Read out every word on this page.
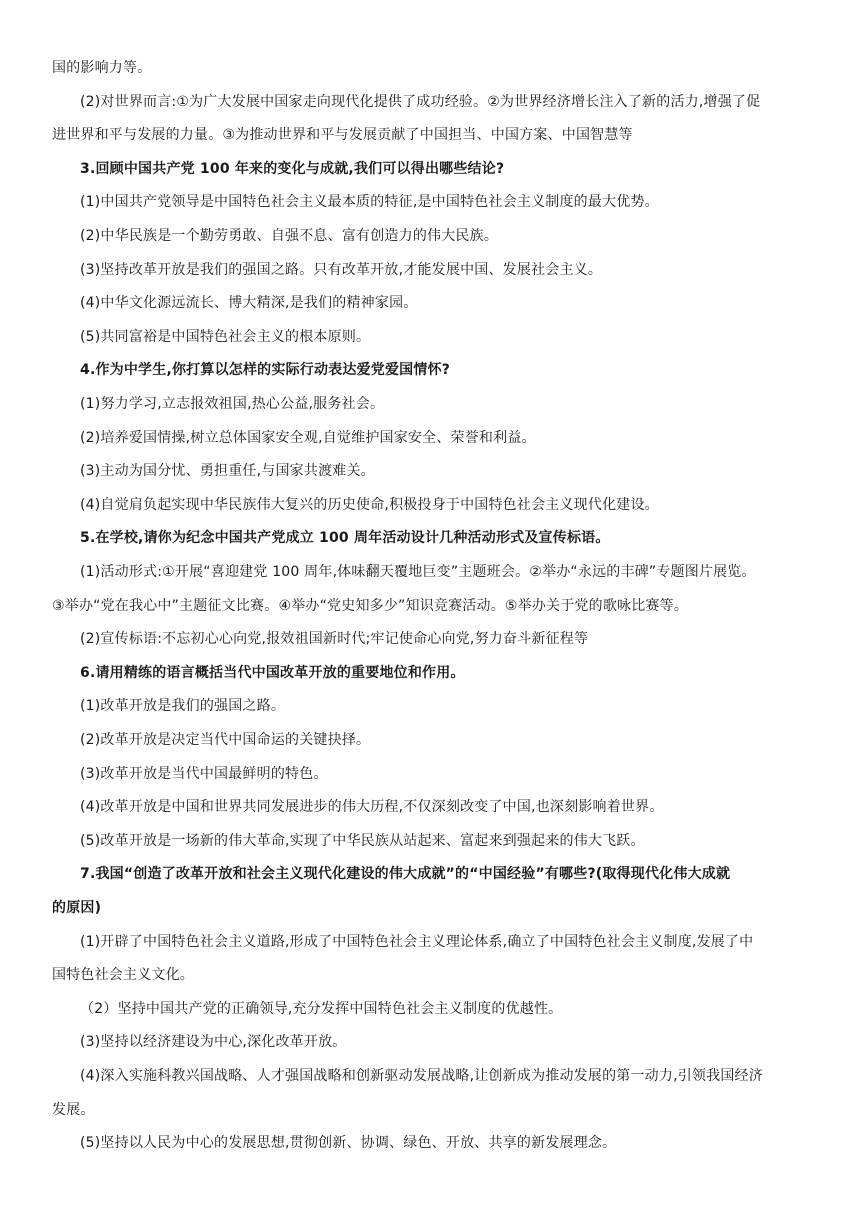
国的影响力等。
(2)对世界而言:①为广大发展中国家走向现代化提供了成功经验。②为世界经济增长注入了新的活力,增强了促
进世界和平与发展的力量。③为推动世界和平与发展贡献了中国担当、中国方案、中国智慧等
3.回顾中国共产党 100 年来的变化与成就,我们可以得出哪些结论?
(1)中国共产党领导是中国特色社会主义最本质的特征,是中国特色社会主义制度的最大优势。
(2)中华民族是一个勤劳勇敢、自强不息、富有创造力的伟大民族。
(3)坚持改革开放是我们的强国之路。只有改革开放,才能发展中国、发展社会主义。
(4)中华文化源远流长、博大精深,是我们的精神家园。
(5)共同富裕是中国特色社会主义的根本原则。
4.作为中学生,你打算以怎样的实际行动表达爱党爱国情怀?
(1)努力学习,立志报效祖国,热心公益,服务社会。
(2)培养爱国情操,树立总体国家安全观,自觉维护国家安全、荣誉和利益。
(3)主动为国分忧、勇担重任,与国家共渡难关。
(4)自觉肩负起实现中华民族伟大复兴的历史使命,积极投身于中国特色社会主义现代化建设。
5.在学校,请你为纪念中国共产党成立 100 周年活动设计几种活动形式及宣传标语。
(1)活动形式:①开展“喜迎建党 100 周年,体味翻天覆地巨变”主题班会。②举办“永远的丰碑”专题图片展览。
③举办“党在我心中”主题征文比赛。④举办“党史知多少”知识竞赛活动。⑤举办关于党的歌咏比赛等。
(2)宣传标语:不忘初心心向党,报效祖国新时代;牢记使命心向党,努力奋斗新征程等
6.请用精练的语言概括当代中国改革开放的重要地位和作用。
(1)改革开放是我们的强国之路。
(2)改革开放是决定当代中国命运的关键抉择。
(3)改革开放是当代中国最鲜明的特色。
(4)改革开放是中国和世界共同发展进步的伟大历程,不仅深刻改变了中国,也深刻影响着世界。
(5)改革开放是一场新的伟大革命,实现了中华民族从站起来、富起来到强起来的伟大飞跃。
7.我国“创造了改革开放和社会主义现代化建设的伟大成就”的“中国经验”有哪些?(取得现代化伟大成就
的原因)
(1)开辟了中国特色社会主义道路,形成了中国特色社会主义理论体系,确立了中国特色社会主义制度,发展了中
国特色社会主义文化。
（2）坚持中国共产党的正确领导,充分发挥中国特色社会主义制度的优越性。
(3)坚持以经济建设为中心,深化改革开放。
(4)深入实施科教兴国战略、人才强国战略和创新驱动发展战略,让创新成为推动发展的第一动力,引领我国经济
发展。
(5)坚持以人民为中心的发展思想,贯彻创新、协调、绿色、开放、共享的新发展理念。
